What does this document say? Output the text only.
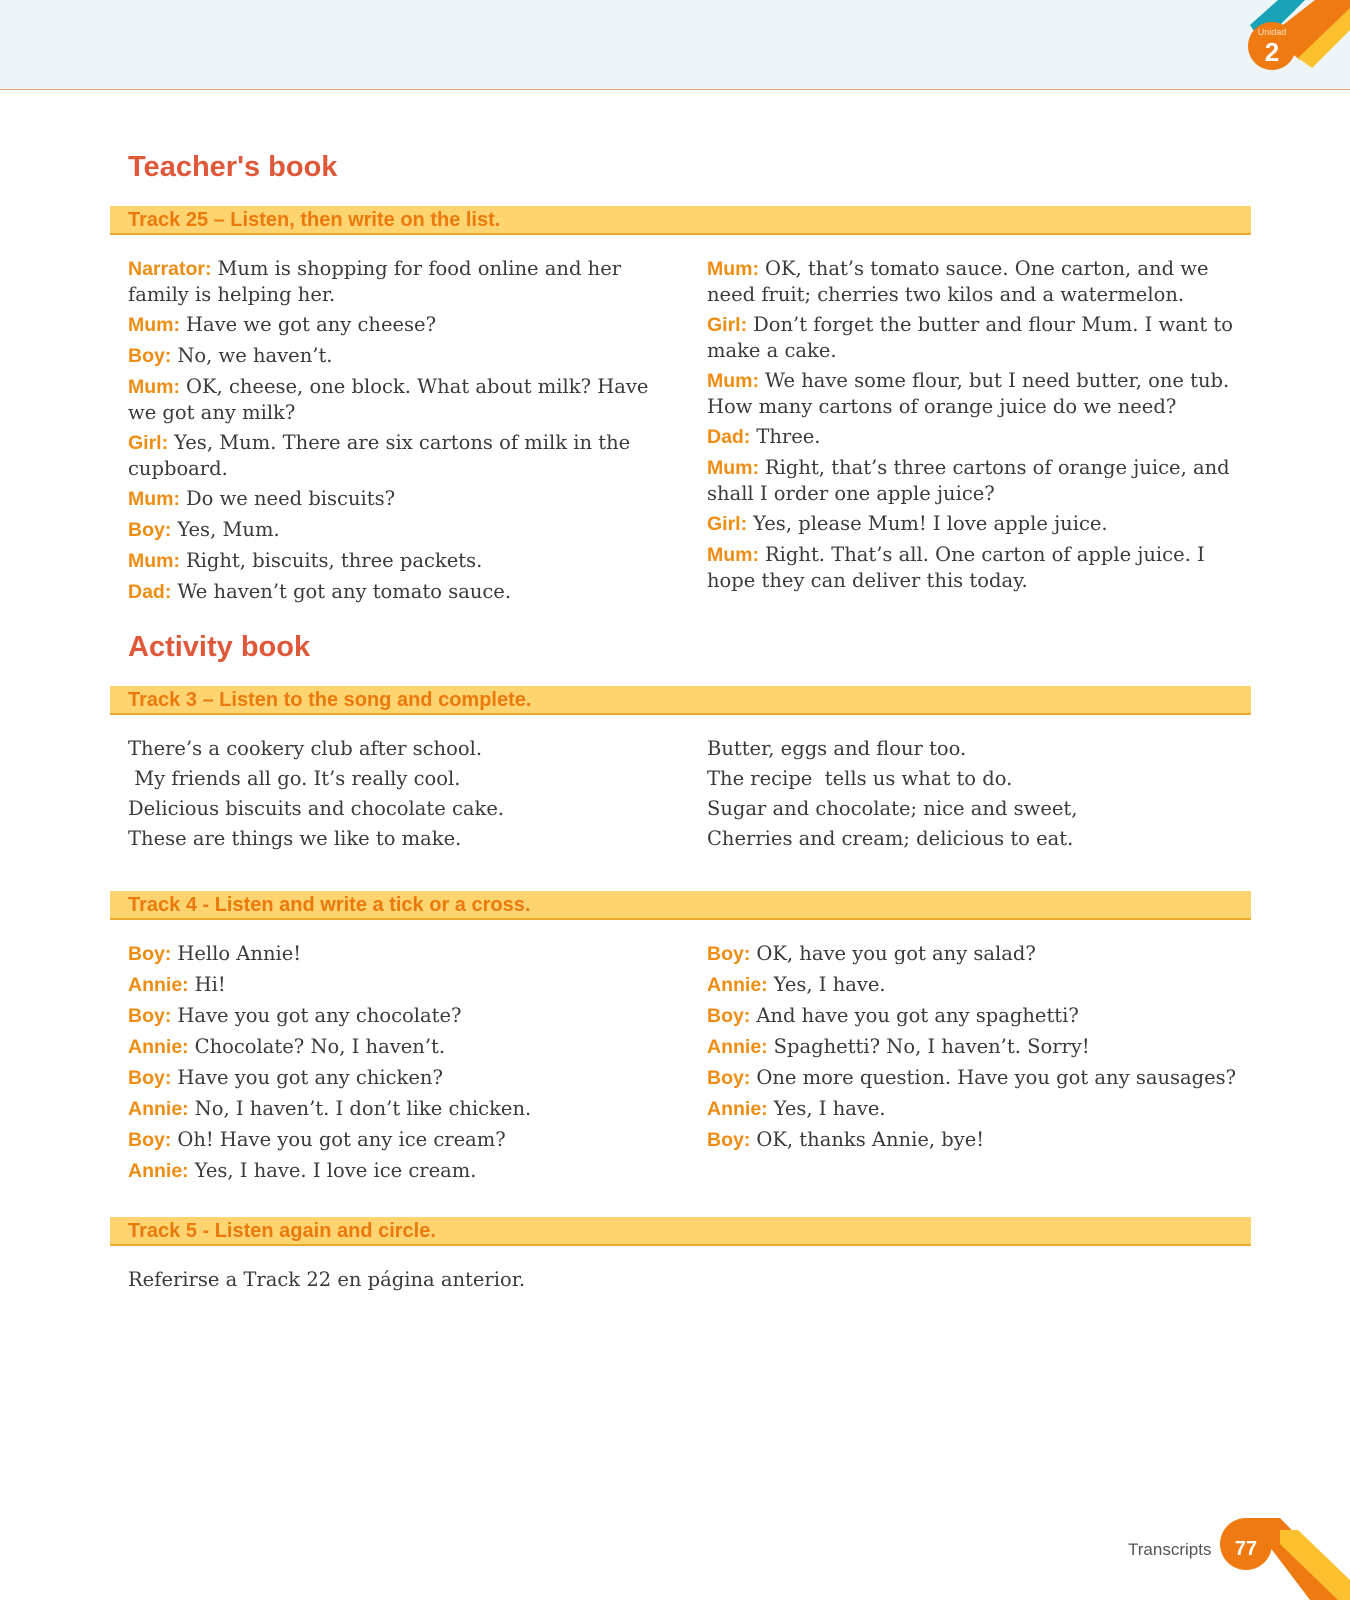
Unidad
2
Teacher's book
Track 25 – Listen, then write on the list.
Narrator: Mum is shopping for food online and her family is helping her.
Mum: Have we got any cheese?
Boy: No, we haven’t.
Mum: OK, cheese, one block. What about milk? Have we got any milk?
Girl: Yes, Mum. There are six cartons of milk in the cupboard.
Mum: Do we need biscuits?
Boy: Yes, Mum.
Mum: Right, biscuits, three packets.
Dad: We haven’t got any tomato sauce.
Mum: OK, that’s tomato sauce. One carton, and we need fruit; cherries two kilos and a watermelon.
Girl: Don’t forget the butter and flour Mum. I want to make a cake.
Mum: We have some flour, but I need butter, one tub. How many cartons of orange juice do we need?
Dad: Three.
Mum: Right, that’s three cartons of orange juice, and shall I order one apple juice?
Girl: Yes, please Mum! I love apple juice.
Mum: Right. That’s all. One carton of apple juice. I hope they can deliver this today.
Activity book
Track 3 – Listen to the song and complete.
There’s a cookery club after school.
My friends all go. It’s really cool.
Delicious biscuits and chocolate cake.
These are things we like to make.
Butter, eggs and flour too.
The recipe  tells us what to do.
Sugar and chocolate; nice and sweet,
Cherries and cream; delicious to eat.
Track 4 - Listen and write a tick or a cross.
Boy: Hello Annie!
Annie: Hi!
Boy: Have you got any chocolate?
Annie: Chocolate? No, I haven’t.
Boy: Have you got any chicken?
Annie: No, I haven’t. I don’t like chicken.
Boy: Oh! Have you got any ice cream?
Annie: Yes, I have. I love ice cream.
Boy: OK, have you got any salad?
Annie: Yes, I have.
Boy: And have you got any spaghetti?
Annie: Spaghetti? No, I haven’t. Sorry!
Boy: One more question. Have you got any sausages?
Annie: Yes, I have.
Boy: OK, thanks Annie, bye!
Track 5 - Listen again and circle.
Referirse a Track 22 en página anterior.
Transcripts 77
